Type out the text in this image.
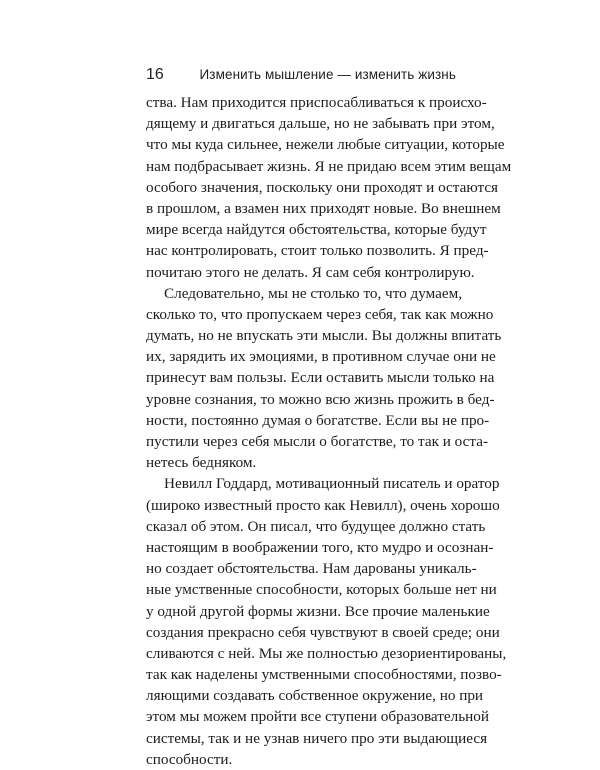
16	Изменить мышление — изменить жизнь
ства. Нам приходится приспосабливаться к происхо-
дящему и двигаться дальше, но не забывать при этом,
что мы куда сильнее, нежели любые ситуации, которые
нам подбрасывает жизнь. Я не придаю всем этим вещам
особого значения, поскольку они проходят и остаются
в прошлом, а взамен них приходят новые. Во внешнем
мире всегда найдутся обстоятельства, которые будут
нас контролировать, стоит только позволить. Я пред-
почитаю этого не делать. Я сам себя контролирую.
Следовательно, мы не столько то, что думаем,
сколько то, что пропускаем через себя, так как можно
думать, но не впускать эти мысли. Вы должны впитать
их, зарядить их эмоциями, в противном случае они не
принесут вам пользы. Если оставить мысли только на
уровне сознания, то можно всю жизнь прожить в бед-
ности, постоянно думая о богатстве. Если вы не про-
пустили через себя мысли о богатстве, то так и оста-
нетесь бедняком.
Невилл Годдард, мотивационный писатель и оратор
(широко известный просто как Невилл), очень хорошо
сказал об этом. Он писал, что будущее должно стать
настоящим в воображении того, кто мудро и осознан-
но создает обстоятельства. Нам дарованы уникаль-
ные умственные способности, которых больше нет ни
у одной другой формы жизни. Все прочие маленькие
создания прекрасно себя чувствуют в своей среде; они
сливаются с ней. Мы же полностью дезориентированы,
так как наделены умственными способностями, позво-
ляющими создавать собственное окружение, но при
этом мы можем пройти все ступени образовательной
системы, так и не узнав ничего про эти выдающиеся
способности.
